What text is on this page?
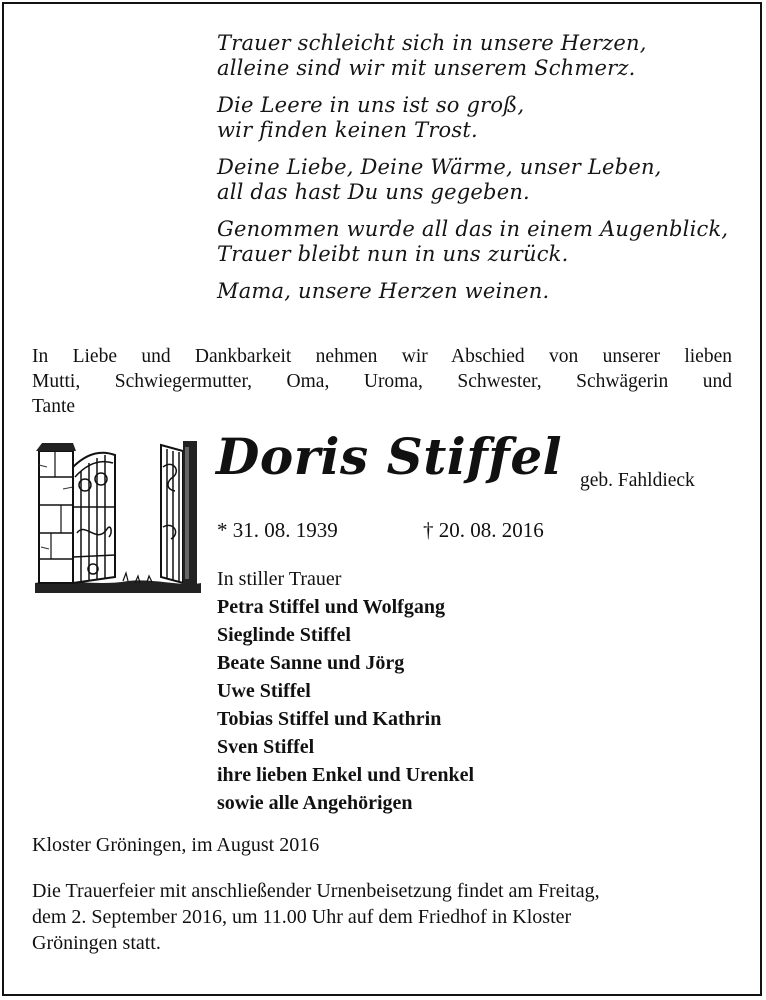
Trauer schleicht sich in unsere Herzen,
alleine sind wir mit unserem Schmerz.
Die Leere in uns ist so groß,
wir finden keinen Trost.
Deine Liebe, Deine Wärme, unser Leben,
all das hast Du uns gegeben.
Genommen wurde all das in einem Augenblick,
Trauer bleibt nun in uns zurück.
Mama, unsere Herzen weinen.
In Liebe und Dankbarkeit nehmen wir Abschied von unserer lieben
Mutti, Schwiegermutter, Oma, Uroma, Schwester, Schwägerin und
Tante
Doris Stiffel geb. Fahldieck
* 31. 08. 1939	† 20. 08. 2016
In stiller Trauer
Petra Stiffel und Wolfgang
Sieglinde Stiffel
Beate Sanne und Jörg
Uwe Stiffel
Tobias Stiffel und Kathrin
Sven Stiffel
ihre lieben Enkel und Urenkel
sowie alle Angehörigen
Kloster Gröningen, im August 2016
Die Trauerfeier mit anschließender Urnenbeisetzung findet am Freitag,
dem 2. September 2016, um 11.00 Uhr auf dem Friedhof in Kloster
Gröningen statt.
